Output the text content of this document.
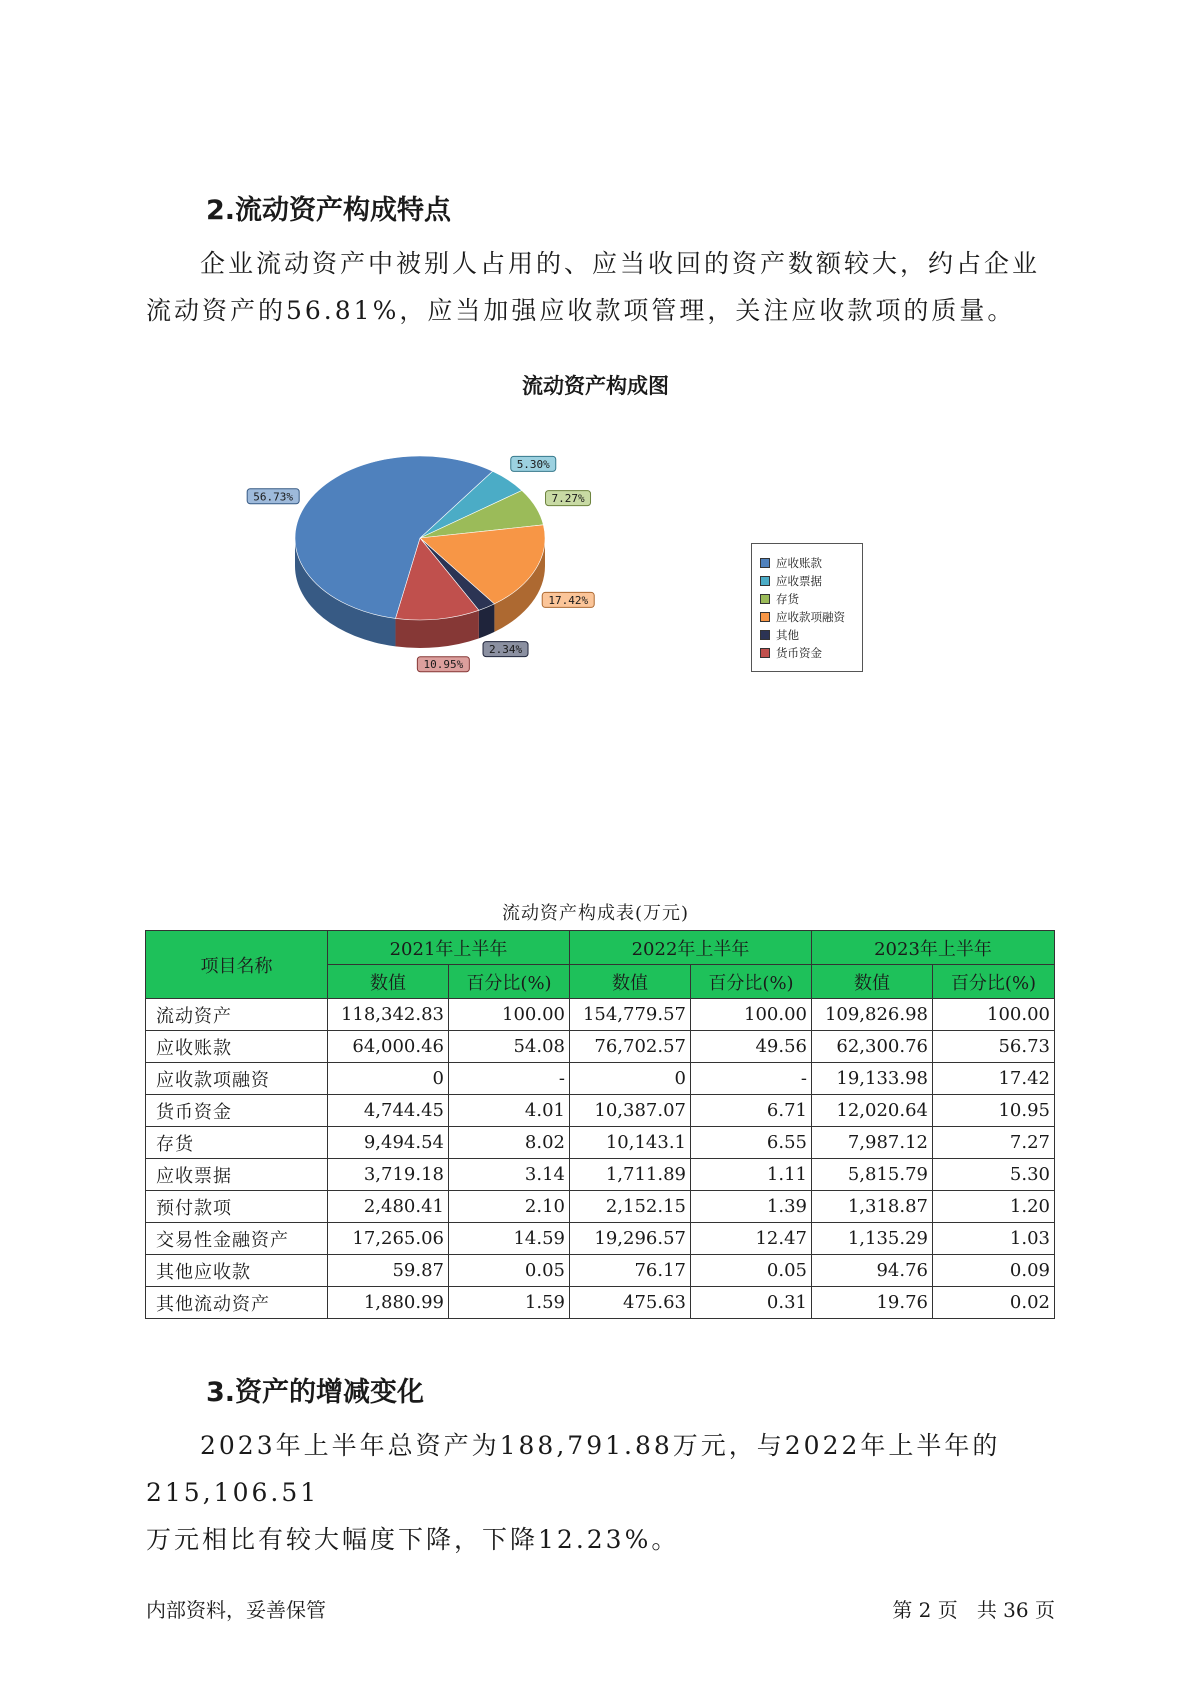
2.流动资产构成特点
企业流动资产中被别人占用的、应当收回的资产数额较大，约占企业
流动资产的56.81%，应当加强应收款项管理，关注应收款项的质量。
流动资产构成图
5.30%
7.27%
17.42%
2.34%
10.95%
56.73%
应收账款
应收票据
存货
应收款项融资
其他
货币资金
流动资产构成表(万元)
项目名称	2021年上半年		2022年上半年		2023年上半年	
	数值	百分比(%)	数值	百分比(%)	数值	百分比(%)
流动资产	118,342.83	100.00	154,779.57	100.00	109,826.98	100.00
应收账款	64,000.46	54.08	76,702.57	49.56	62,300.76	56.73
应收款项融资	0	-	0	-	19,133.98	17.42
货币资金	4,744.45	4.01	10,387.07	6.71	12,020.64	10.95
存货	9,494.54	8.02	10,143.1	6.55	7,987.12	7.27
应收票据	3,719.18	3.14	1,711.89	1.11	5,815.79	5.30
预付款项	2,480.41	2.10	2,152.15	1.39	1,318.87	1.20
交易性金融资产	17,265.06	14.59	19,296.57	12.47	1,135.29	1.03
其他应收款	59.87	0.05	76.17	0.05	94.76	0.09
其他流动资产	1,880.99	1.59	475.63	0.31	19.76	0.02
3.资产的增减变化
2023年上半年总资产为188,791.88万元，与2022年上半年的215,106.51
万元相比有较大幅度下降，下降12.23%。
内部资料，妥善保管	第 2 页   共 36 页
